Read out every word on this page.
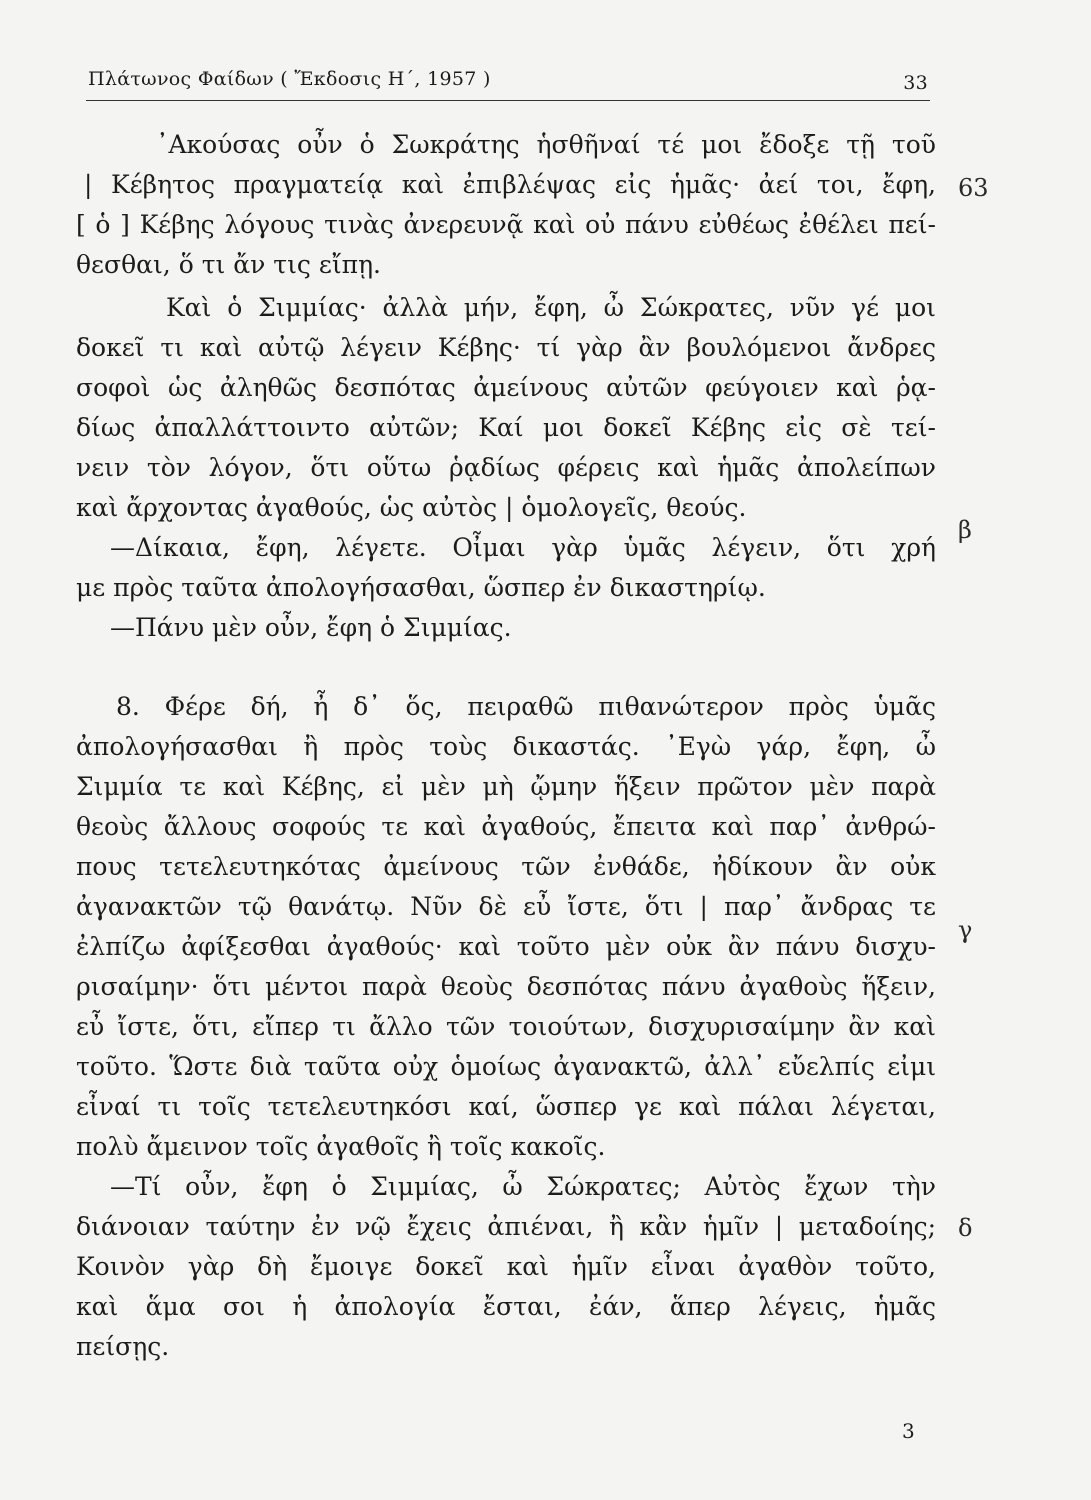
Πλάτωνος Φαίδων ( Ἔκδοσις Η΄, 1957 )	33
᾿Ακούσας οὖν ὁ Σωκράτης ἡσθῆναί τέ μοι ἔδοξε τῇ τοῦ
| Κέβητος πραγματείᾳ καὶ ἐπιβλέψας εἰς ἡμᾶς· ἀεί τοι, ἔφη,
[ ὁ ] Κέβης λόγους τινὰς ἀνερευνᾷ καὶ οὐ πάνυ εὐθέως ἐθέλει πεί-
θεσθαι, ὅ τι ἄν τις εἴπῃ.
Καὶ ὁ Σιμμίας· ἀλλὰ μήν, ἔφη, ὦ Σώκρατες, νῦν γέ μοι
δοκεῖ τι καὶ αὐτῷ λέγειν Κέβης· τί γὰρ ἂν βουλόμενοι ἄνδρες
σοφοὶ ὡς ἀληθῶς δεσπότας ἀμείνους αὐτῶν φεύγοιεν καὶ ῥᾳ-
δίως ἀπαλλάττοιντο αὐτῶν; Καί μοι δοκεῖ Κέβης εἰς σὲ τεί-
νειν τὸν λόγον, ὅτι οὕτω ῥᾳδίως φέρεις καὶ ἡμᾶς ἀπολείπων
καὶ ἄρχοντας ἀγαθούς, ὡς αὐτὸς | ὁμολογεῖς, θεούς.
—Δίκαια, ἔφη, λέγετε. Οἶμαι γὰρ ὑμᾶς λέγειν, ὅτι χρή
με πρὸς ταῦτα ἀπολογήσασθαι, ὥσπερ ἐν δικαστηρίῳ.
—Πάνυ μὲν οὖν, ἔφη ὁ Σιμμίας.
8. Φέρε δή, ἦ δ᾿ ὅς, πειραθῶ πιθανώτερον πρὸς ὑμᾶς
ἀπολογήσασθαι ἢ πρὸς τοὺς δικαστάς. ᾿Εγὼ γάρ, ἔφη, ὦ
Σιμμία τε καὶ Κέβης, εἰ μὲν μὴ ᾤμην ἥξειν πρῶτον μὲν παρὰ
θεοὺς ἄλλους σοφούς τε καὶ ἀγαθούς, ἔπειτα καὶ παρ᾿ ἀνθρώ-
πους τετελευτηκότας ἀμείνους τῶν ἐνθάδε, ἠδίκουν ἂν οὐκ
ἀγανακτῶν τῷ θανάτῳ. Νῦν δὲ εὖ ἴστε, ὅτι | παρ᾿ ἄνδρας τε
ἐλπίζω ἀφίξεσθαι ἀγαθούς· καὶ τοῦτο μὲν οὐκ ἂν πάνυ δισχυ-
ρισαίμην· ὅτι μέντοι παρὰ θεοὺς δεσπότας πάνυ ἀγαθοὺς ἥξειν,
εὖ ἴστε, ὅτι, εἴπερ τι ἄλλο τῶν τοιούτων, δισχυρισαίμην ἂν καὶ
τοῦτο. Ὥστε διὰ ταῦτα οὐχ ὁμοίως ἀγανακτῶ, ἀλλ᾿ εὔελπίς εἰμι
εἶναί τι τοῖς τετελευτηκόσι καί, ὥσπερ γε καὶ πάλαι λέγεται,
πολὺ ἄμεινον τοῖς ἀγαθοῖς ἢ τοῖς κακοῖς.
—Τί οὖν, ἔφη ὁ Σιμμίας, ὦ Σώκρατες; Αὐτὸς ἔχων τὴν
διάνοιαν ταύτην ἐν νῷ ἔχεις ἀπιέναι, ἢ κἂν ἡμῖν | μεταδοίης;
Κοινὸν γὰρ δὴ ἔμοιγε δοκεῖ καὶ ἡμῖν εἶναι ἀγαθὸν τοῦτο,
καὶ ἅμα σοι ἡ ἀπολογία ἔσται, ἐάν, ἅπερ λέγεις, ἡμᾶς
πείσῃς.
63
β
γ
δ
3
